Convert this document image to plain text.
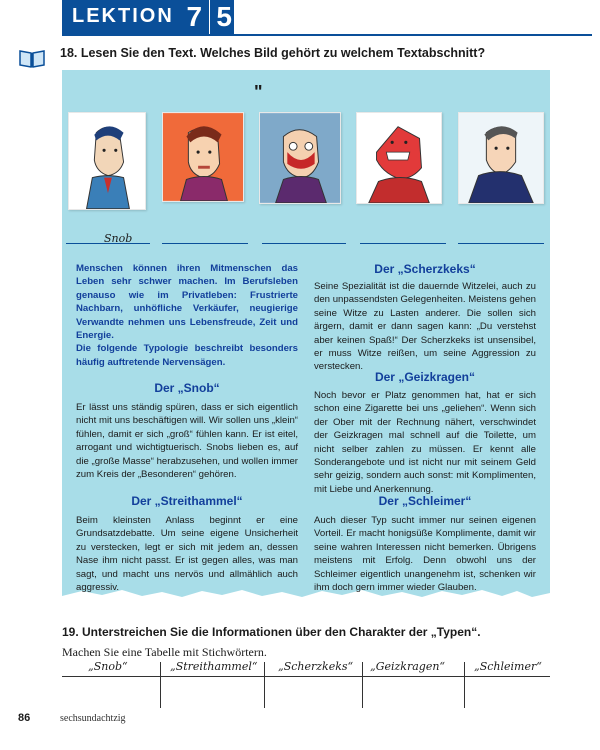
LEKTION 7 5
18. Lesen Sie den Text. Welches Bild gehört zu welchem Textabschnitt?
"
Snob

Menschen können ihren Mitmenschen das Leben sehr schwer machen. Im Berufsleben genauso wie im Privatleben: Frustrierte Nachbarn, unhöfliche Verkäufer, neugierige Verwandte nehmen uns Lebensfreude, Zeit und Energie.

Die folgende Typologie beschreibt besonders häufig auftretende Nervensägen.

Der „Snob“
Er lässt uns ständig spüren, dass er sich eigentlich nicht mit uns beschäftigen will. Wir sollen uns „klein“ fühlen, damit er sich „groß“ fühlen kann. Er ist eitel, arrogant und wichtigtuerisch. Snobs lieben es, auf die „große Masse“ herabzusehen, und wollen immer zum Kreis der „Besonderen“ gehören.
Der „Streithammel“
Beim kleinsten Anlass beginnt er eine Grundsatzdebatte. Um seine eigene Unsicherheit zu verstecken, legt er sich mit jedem an, dessen Nase ihm nicht passt. Er ist gegen alles, was man sagt, und macht uns nervös und allmählich auch aggressiv.
Der „Scherzkeks“
Seine Spezialität ist die dauernde Witzelei, auch zu den unpassendsten Gelegenheiten. Meistens gehen seine Witze zu Lasten anderer. Die sollen sich ärgern, damit er dann sagen kann: „Du verstehst aber keinen Spaß!“ Der Scherzkeks ist unsensibel, er muss Witze reißen, um seine Aggression zu verstecken.
Der „Geizkragen“
Noch bevor er Platz genommen hat, hat er sich schon eine Zigarette bei uns „geliehen“. Wenn sich der Ober mit der Rechnung nähert, verschwindet der Geizkragen mal schnell auf die Toilette, um nicht selber zahlen zu müssen. Er kennt alle Sonderangebote und ist nicht nur mit seinem Geld sehr geizig, sondern auch sonst: mit Komplimenten, mit Liebe und Anerkennung.
Der „Schleimer“
Auch dieser Typ sucht immer nur seinen eigenen Vorteil. Er macht honigsüße Komplimente, damit wir seine wahren Interessen nicht bemerken. Übrigens meistens mit Erfolg. Denn obwohl uns der Schleimer eigentlich unangenehm ist, schenken wir ihm doch gern immer wieder Glauben.
19. Unterstreichen Sie die Informationen über den Charakter der „Typen“.
Machen Sie eine Tabelle mit Stichwörtern.
„Snob“	„Streithammel“ „Scherzkeks“ „Geizkragen“	„Schleimer“
86	sechsundachtzig
